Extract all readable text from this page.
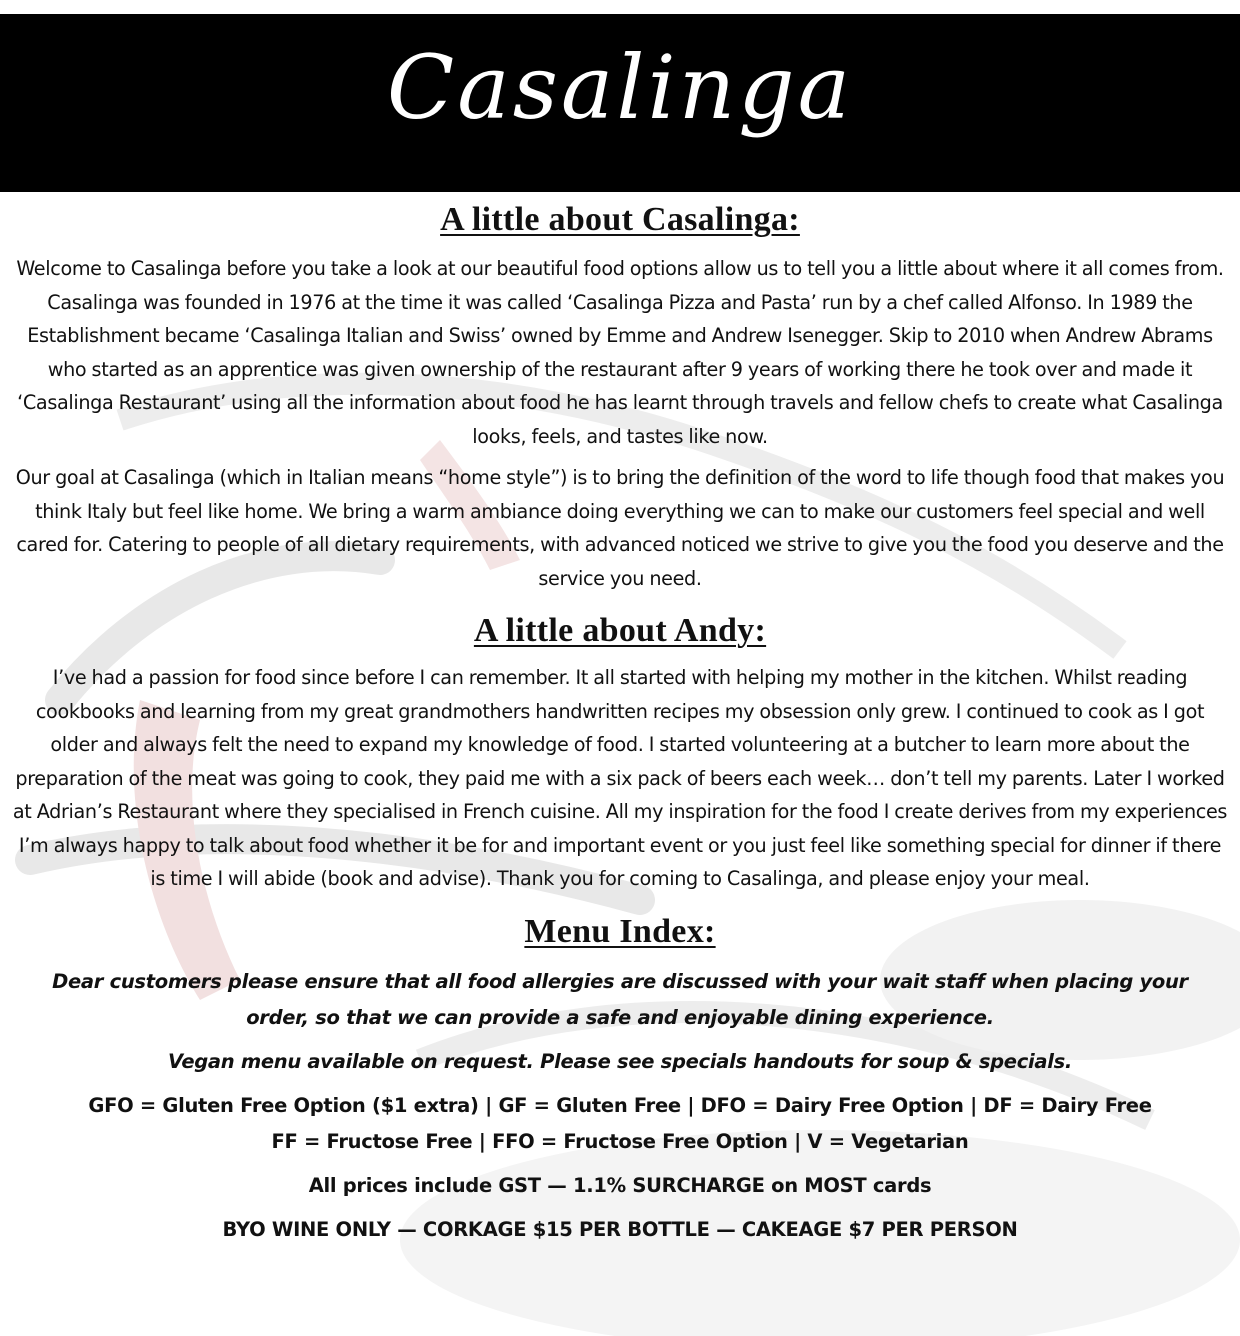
Casalinga
A little about Casalinga:

Welcome to Casalinga before you take a look at our beautiful food options allow us to tell you a little about where it all comes from. Casalinga was founded in 1976 at the time it was called ‘Casalinga Pizza and Pasta’ run by a chef called Alfonso. In 1989 the Establishment became ‘Casalinga Italian and Swiss’ owned by Emme and Andrew Isenegger. Skip to 2010 when Andrew Abrams who started as an apprentice was given ownership of the restaurant after 9 years of working there he took over and made it ‘Casalinga Restaurant’ using all the information about food he has learnt through travels and fellow chefs to create what Casalinga looks, feels, and tastes like now.

Our goal at Casalinga (which in Italian means “home style”) is to bring the definition of the word to life though food that makes you think Italy but feel like home. We bring a warm ambiance doing everything we can to make our customers feel special and well cared for. Catering to people of all dietary requirements, with advanced noticed we strive to give you the food you deserve and the service you need.

A little about Andy:

I’ve had a passion for food since before I can remember. It all started with helping my mother in the kitchen. Whilst reading cookbooks and learning from my great grandmothers handwritten recipes my obsession only grew. I continued to cook as I got older and always felt the need to expand my knowledge of food. I started volunteering at a butcher to learn more about the preparation of the meat was going to cook, they paid me with a six pack of beers each week… don’t tell my parents. Later I worked at Adrian’s Restaurant where they specialised in French cuisine. All my inspiration for the food I create derives from my experiences I’m always happy to talk about food whether it be for and important event or you just feel like something special for dinner if there is time I will abide (book and advise). Thank you for coming to Casalinga, and please enjoy your meal.

Menu Index:

Dear customers please ensure that all food allergies are discussed with your wait staff when placing your order, so that we can provide a safe and enjoyable dining experience.

Vegan menu available on request. Please see specials handouts for soup & specials.

GFO = Gluten Free Option ($1 extra) | GF = Gluten Free | DFO = Dairy Free Option | DF = Dairy Free

FF = Fructose Free | FFO = Fructose Free Option | V = Vegetarian

All prices include GST — 1.1% SURCHARGE on MOST cards

BYO WINE ONLY — CORKAGE $15 PER BOTTLE — CAKEAGE $7 PER PERSON
